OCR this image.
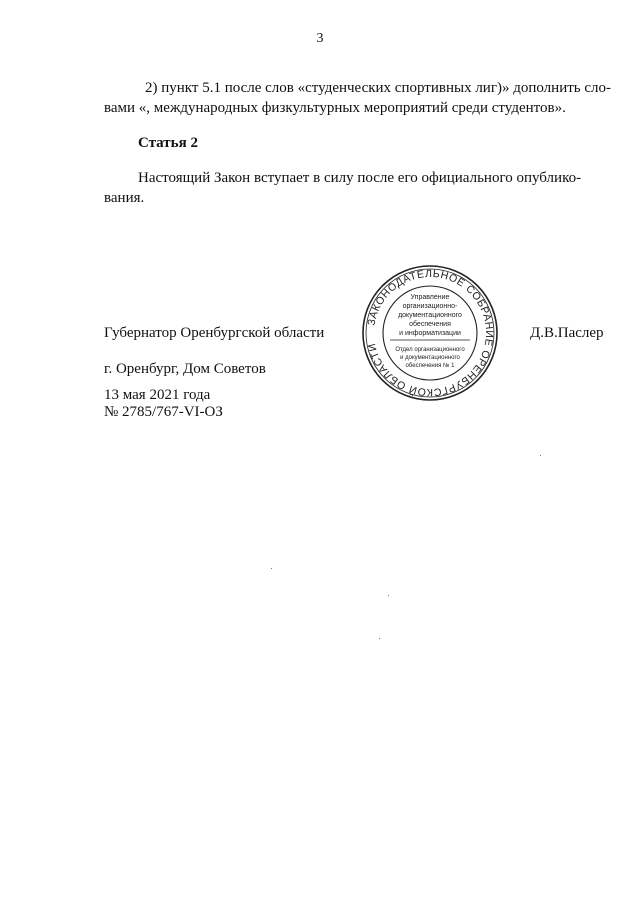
3
2) пункт 5.1 после слов «студенческих спортивных лиг)» дополнить сло-
вами «, международных физкультурных мероприятий среди студентов».
Статья 2
Настоящий Закон вступает в силу после его официального опублико-
вания.
Губернатор Оренбургской области	Д.В.Паслер
г. Оренбург, Дом Советов
13 мая 2021 года
№ 2785/767-VI-ОЗ
ЗАКОНОДАТЕЛЬНОЕ СОБРАНИЕ ОРЕНБУРГСКОЙ ОБЛАСТИ
Управление
организационно-
документационного
обеспечения
и информатизации
Отдел организационного
и документационного
обеспечения № 1
